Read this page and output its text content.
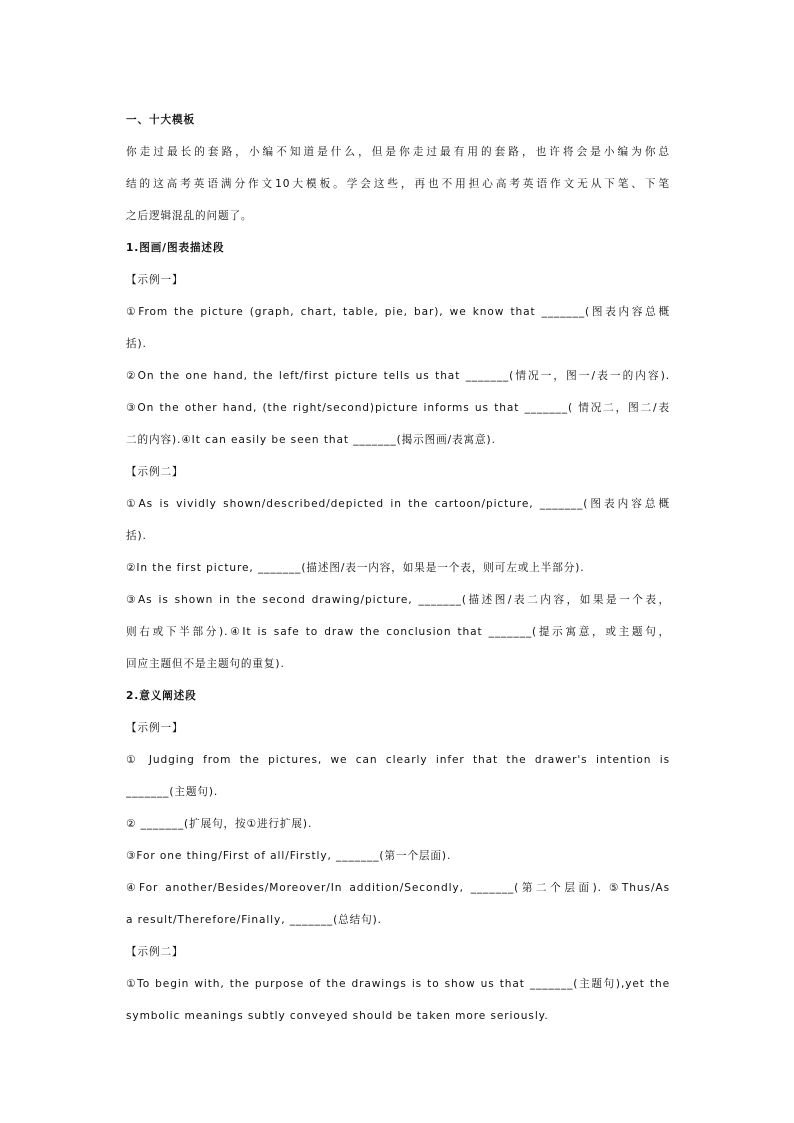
一、十大模板
你走过最长的套路，小编不知道是什么，但是你走过最有用的套路，也许将会是小编为你总
结的这高考英语满分作文10大模板。学会这些，再也不用担心高考英语作文无从下笔、下笔
之后逻辑混乱的问题了。
1.图画/图表描述段
【示例一】
①From the picture (graph, chart, table, pie, bar), we know that _______(图表内容总概
括).
②On the one hand, the left/first picture tells us that _______(情况一，图一/表一的内容).
③On the other hand, (the right/second)picture informs us that _______( 情况二，图二/表
二的内容).④It can easily be seen that _______(揭示图画/表寓意).
【示例二】
①As is vividly shown/described/depicted in the cartoon/picture, _______(图表内容总概
括).
②In the first picture, _______(描述图/表一内容，如果是一个表，则可左或上半部分).
③As is shown in the second drawing/picture, _______(描述图/表二内容，如果是一个表，
则右或下半部分).④It is safe to draw the conclusion that _______(提示寓意，或主题句，
回应主题但不是主题句的重复).
2.意义阐述段
【示例一】
① Judging from the pictures, we can clearly infer that the drawer's intention is
_______(主题句).
② _______(扩展句，按①进行扩展).
③For one thing/First of all/Firstly, _______(第一个层面).
④For another/Besides/Moreover/In addition/Secondly, _______(第二个层面). ⑤Thus/As
a result/Therefore/Finally, _______(总结句).
【示例二】
①To begin with, the purpose of the drawings is to show us that _______(主题句),yet the
symbolic meanings subtly conveyed should be taken more seriously.
